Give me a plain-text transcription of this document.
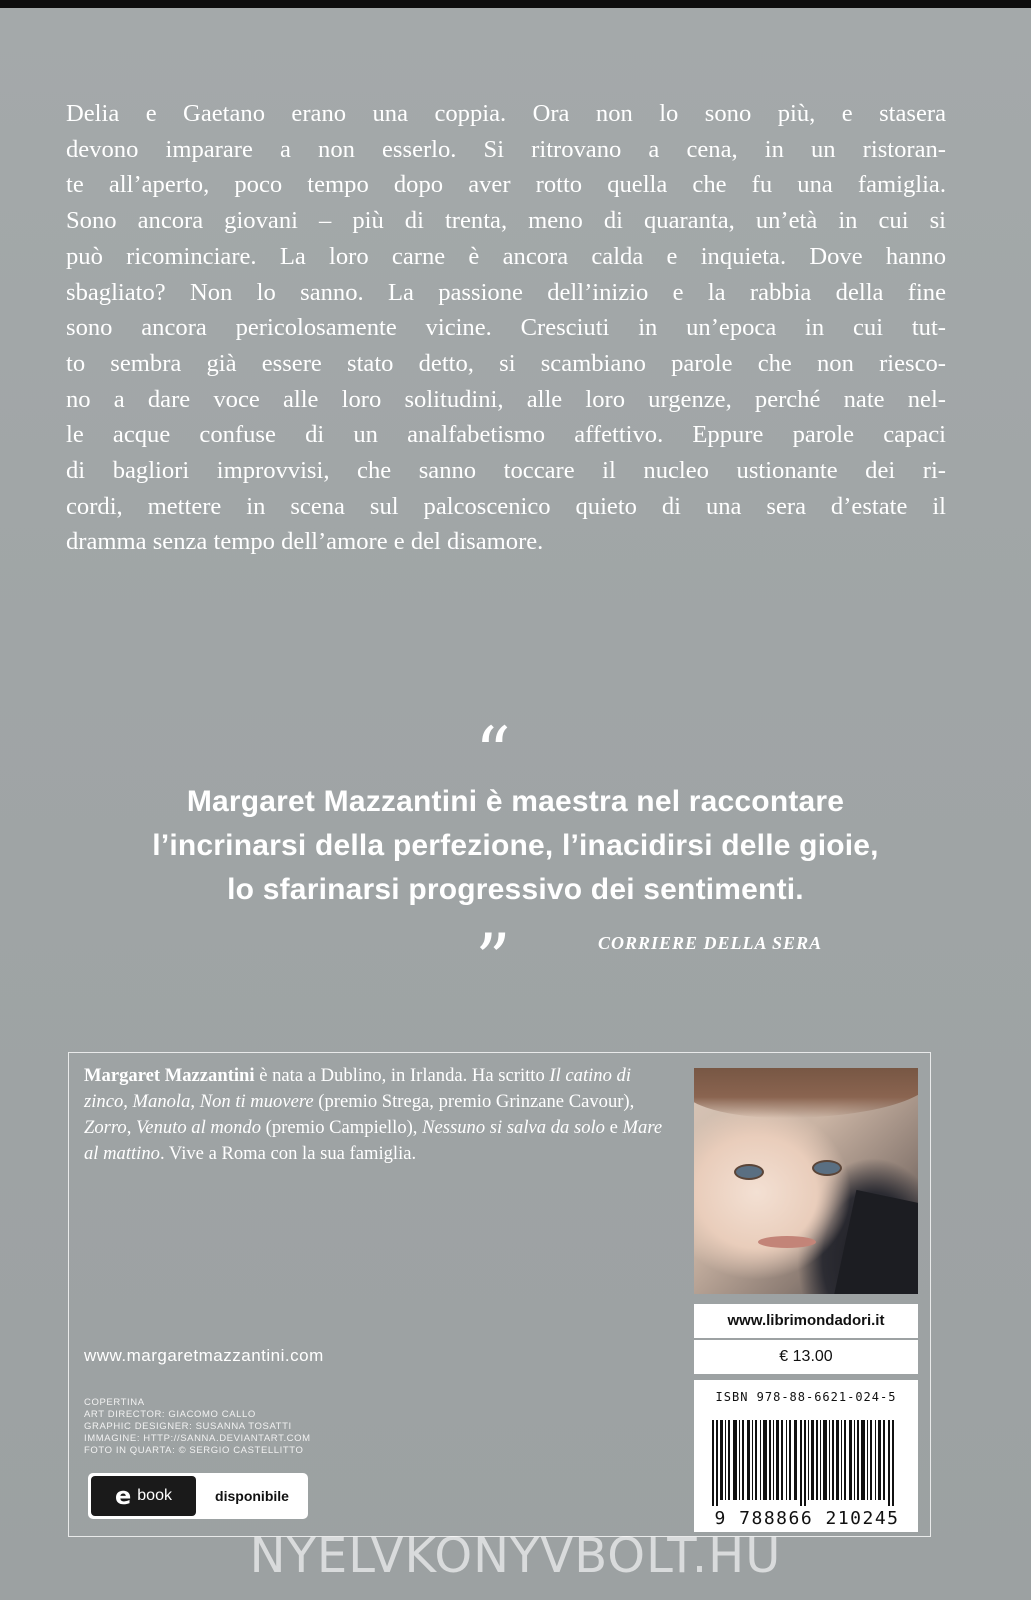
Delia e Gaetano erano una coppia. Ora non lo sono più, e stasera
devono imparare a non esserlo. Si ritrovano a cena, in un ristoran-
te all’aperto, poco tempo dopo aver rotto quella che fu una famiglia.
Sono ancora giovani – più di trenta, meno di quaranta, un’età in cui si
può ricominciare. La loro carne è ancora calda e inquieta. Dove hanno
sbagliato? Non lo sanno. La passione dell’inizio e la rabbia della fine
sono ancora pericolosamente vicine. Cresciuti in un’epoca in cui tut-
to sembra già essere stato detto, si scambiano parole che non riesco-
no a dare voce alle loro solitudini, alle loro urgenze, perché nate nel-
le acque confuse di un analfabetismo affettivo. Eppure parole capaci
di bagliori improvvisi, che sanno toccare il nucleo ustionante dei ri-
cordi, mettere in scena sul palcoscenico quieto di una sera d’estate il
dramma senza tempo dell’amore e del disamore.
“
Margaret Mazzantini è maestra nel raccontare
l’incrinarsi della perfezione, l’inacidirsi delle gioie,
lo sfarinarsi progressivo dei sentimenti.
”	CORRIERE DELLA SERA
Margaret Mazzantini è nata a Dublino, in Irlanda. Ha scritto Il catino di zinco, Manola, Non ti muovere (premio Strega, premio Grinzane Cavour), Zorro, Venuto al mondo (premio Campiello), Nessuno si salva da solo e Mare al mattino. Vive a Roma con la sua famiglia.
www.librimondadori.it
€ 13.00
ISBN 978-88-6621-024-5
9 788866 210245
www.margaretmazzantini.com
COPERTINA
ART DIRECTOR: GIACOMO CALLO
GRAPHIC DESIGNER: SUSANNA TOSATTI
IMMAGINE: HTTP://SANNA.DEVIANTART.COM
FOTO IN QUARTA: © SERGIO CASTELLITTO
e book	disponibile
NYELVKONYVBOLT.HU
